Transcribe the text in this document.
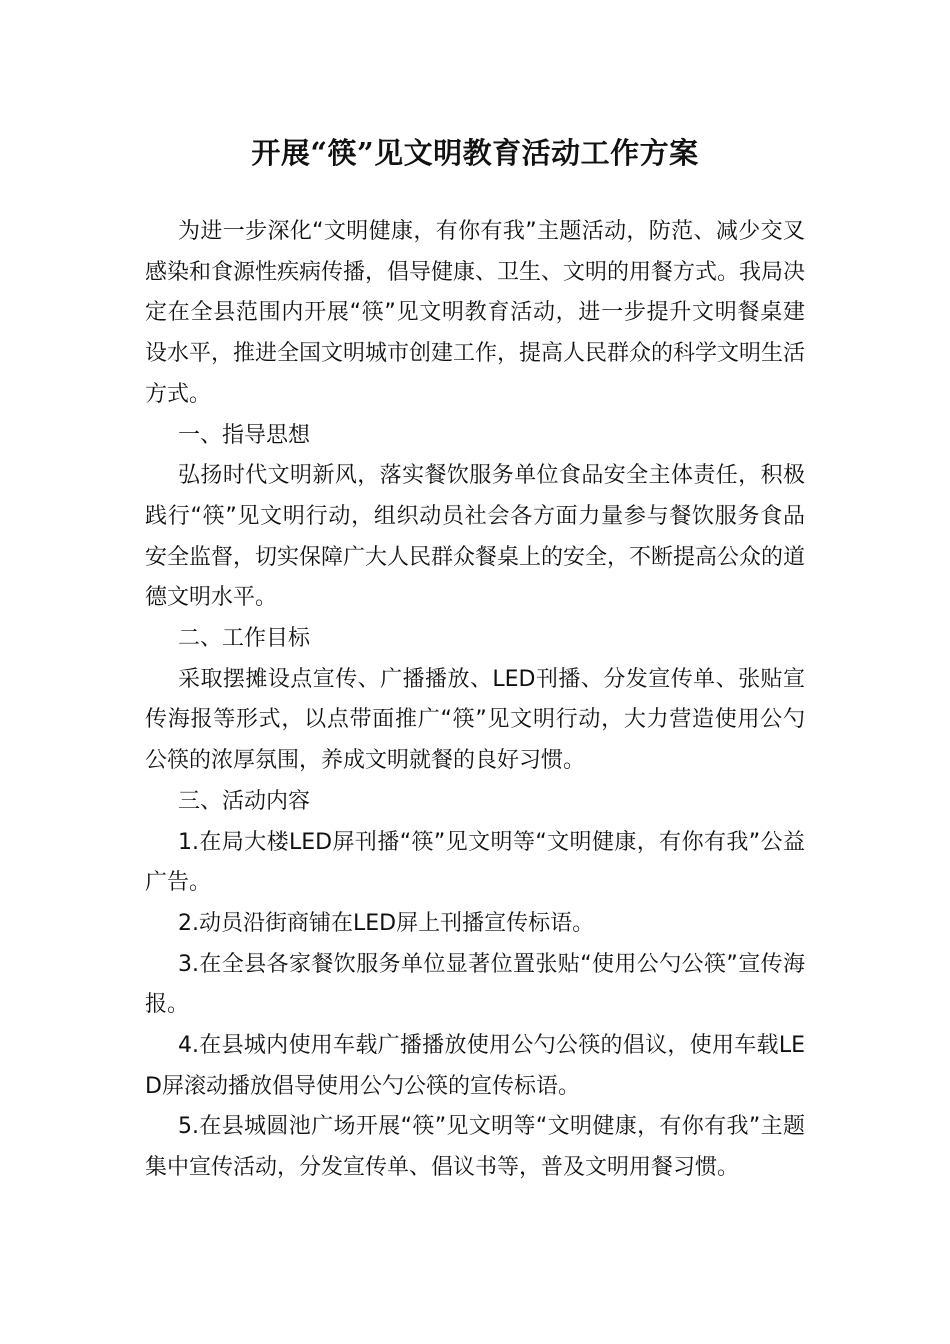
开展“筷”见文明教育活动工作方案

为进一步深化“文明健康，有你有我”主题活动，防范、减少交叉感染和食源性疾病传播，倡导健康、卫生、文明的用餐方式。我局决定在全县范围内开展“筷”见文明教育活动，进一步提升文明餐桌建设水平，推进全国文明城市创建工作，提高人民群众的科学文明生活方式。

一、指导思想

弘扬时代文明新风，落实餐饮服务单位食品安全主体责任，积极践行“筷”见文明行动，组织动员社会各方面力量参与餐饮服务食品安全监督，切实保障广大人民群众餐桌上的安全，不断提高公众的道德文明水平。

二、工作目标

采取摆摊设点宣传、广播播放、LED刊播、分发宣传单、张贴宣传海报等形式，以点带面推广“筷”见文明行动，大力营造使用公勺公筷的浓厚氛围，养成文明就餐的良好习惯。

三、活动内容

1.在局大楼LED屏刊播“筷”见文明等“文明健康，有你有我”公益广告。

2.动员沿街商铺在LED屏上刊播宣传标语。

3.在全县各家餐饮服务单位显著位置张贴“使用公勺公筷”宣传海报。

4.在县城内使用车载广播播放使用公勺公筷的倡议，使用车载LED屏滚动播放倡导使用公勺公筷的宣传标语。

5.在县城圆池广场开展“筷”见文明等“文明健康，有你有我”主题集中宣传活动，分发宣传单、倡议书等，普及文明用餐习惯。
